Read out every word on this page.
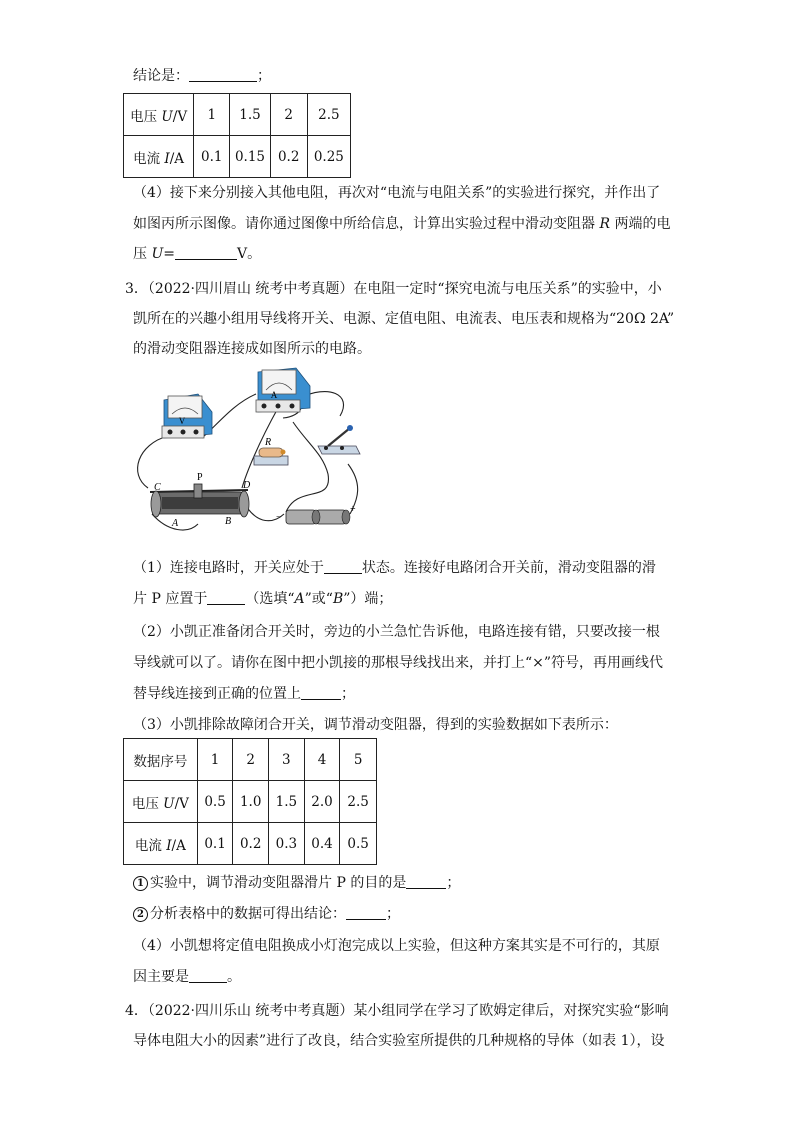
结论是：	；
电压 U/V	1	1.5	2	2.5
电流 I/A	0.1	0.15	0.2	0.25
（4）接下来分别接入其他电阻，再次对“电流与电阻关系”的实验进行探究，并作出了
如图丙所示图像。请你通过图像中所给信息，计算出实验过程中滑动变阻器 R 两端的电
压 U=	V。
3．（2022·四川眉山 统考中考真题）在电阻一定时“探究电流与电压关系”的实验中，小
凯所在的兴趣小组用导线将开关、电源、定值电阻、电流表、电压表和规格为“20Ω 2A”
的滑动变阻器连接成如图所示的电路。
V
A
R
P
C	D
A	B	−
+
（1）连接电路时，开关应处于	状态。连接好电路闭合开关前，滑动变阻器的滑
片 P 应置于	（选填“A”或“B”）端；
（2）小凯正准备闭合开关时，旁边的小兰急忙告诉他，电路连接有错，只要改接一根
导线就可以了。请你在图中把小凯接的那根导线找出来，并打上“×”符号，再用画线代
替导线连接到正确的位置上	；
（3）小凯排除故障闭合开关，调节滑动变阻器，得到的实验数据如下表所示：
数据序号	1	2	3	4	5
电压 U/V	0.5	1.0	1.5	2.0	2.5
电流 I/A	0.1	0.2	0.3	0.4	0.5
1 实验中，调节滑动变阻器滑片 P 的目的是	；
2 分析表格中的数据可得出结论：	；
（4）小凯想将定值电阻换成小灯泡完成以上实验，但这种方案其实是不可行的，其原
因主要是	。
4．（2022·四川乐山 统考中考真题）某小组同学在学习了欧姆定律后，对探究实验“影响
导体电阻大小的因素”进行了改良，结合实验室所提供的几种规格的导体（如表 1），设
